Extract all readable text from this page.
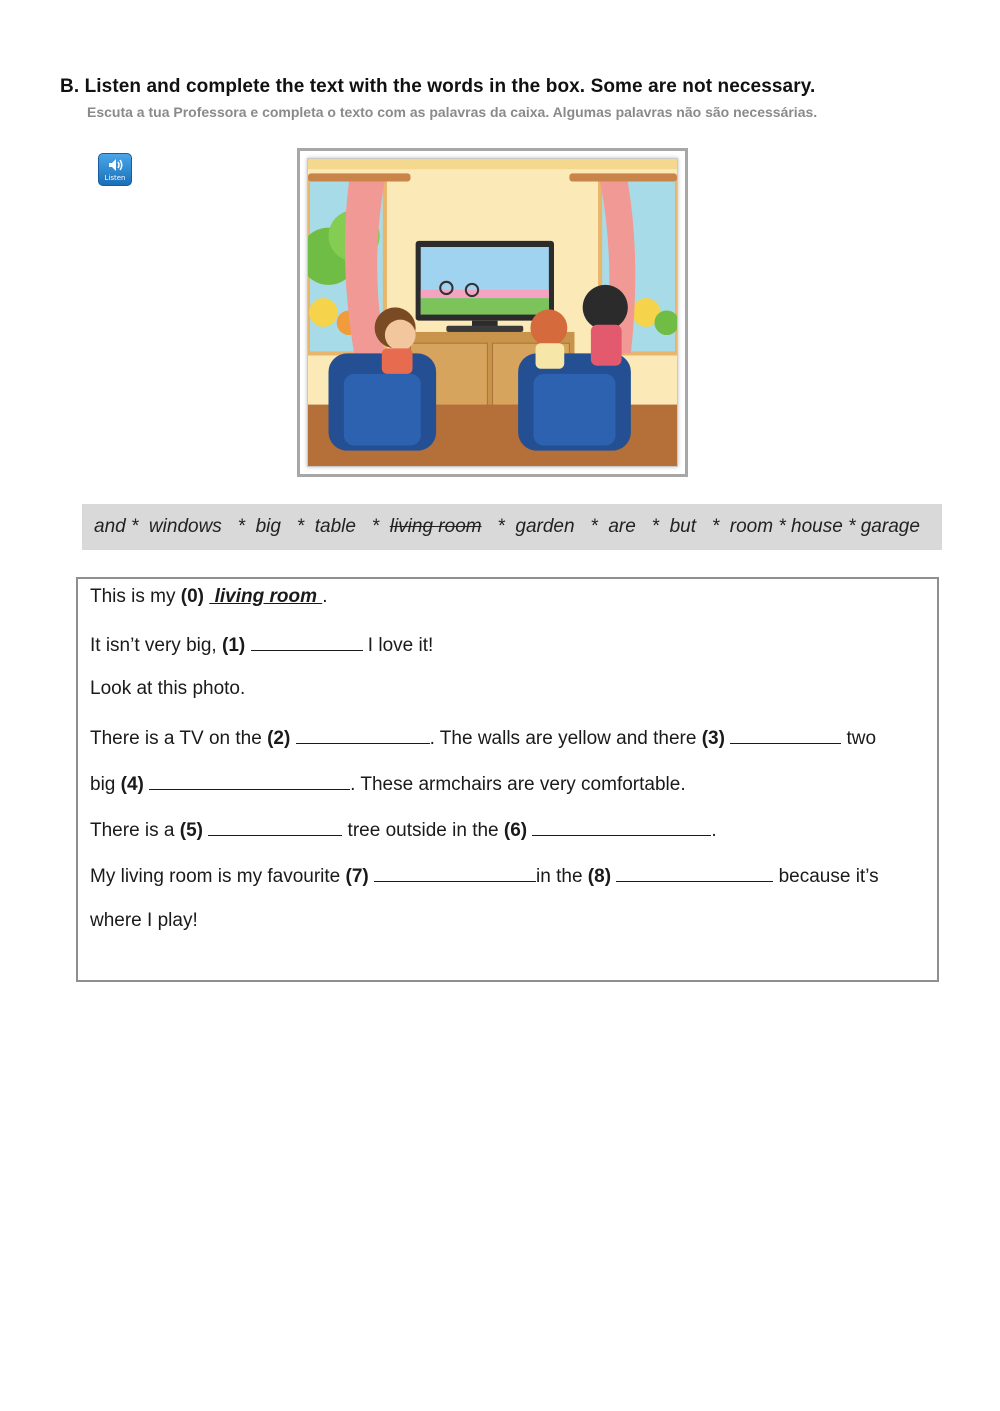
B. Listen and complete the text with the words in the box. Some are not necessary.
Escuta a tua Professora e completa o texto com as palavras da caixa. Algumas palavras não são necessárias.
Listen
and *  windows   *  big   *  table   *  living room   *  garden   *  are   *  but   *  room * house * garage
This is my (0)  living room .
It isn’t very big, (1)	I love it!
Look at this photo.
There is a TV on the (2)	. The walls are yellow and there (3)	two
big (4)	. These armchairs are very comfortable.
There is a (5)	tree outside in the (6)	.
My living room is my favourite (7)	in the (8)	because it’s
where I play!
